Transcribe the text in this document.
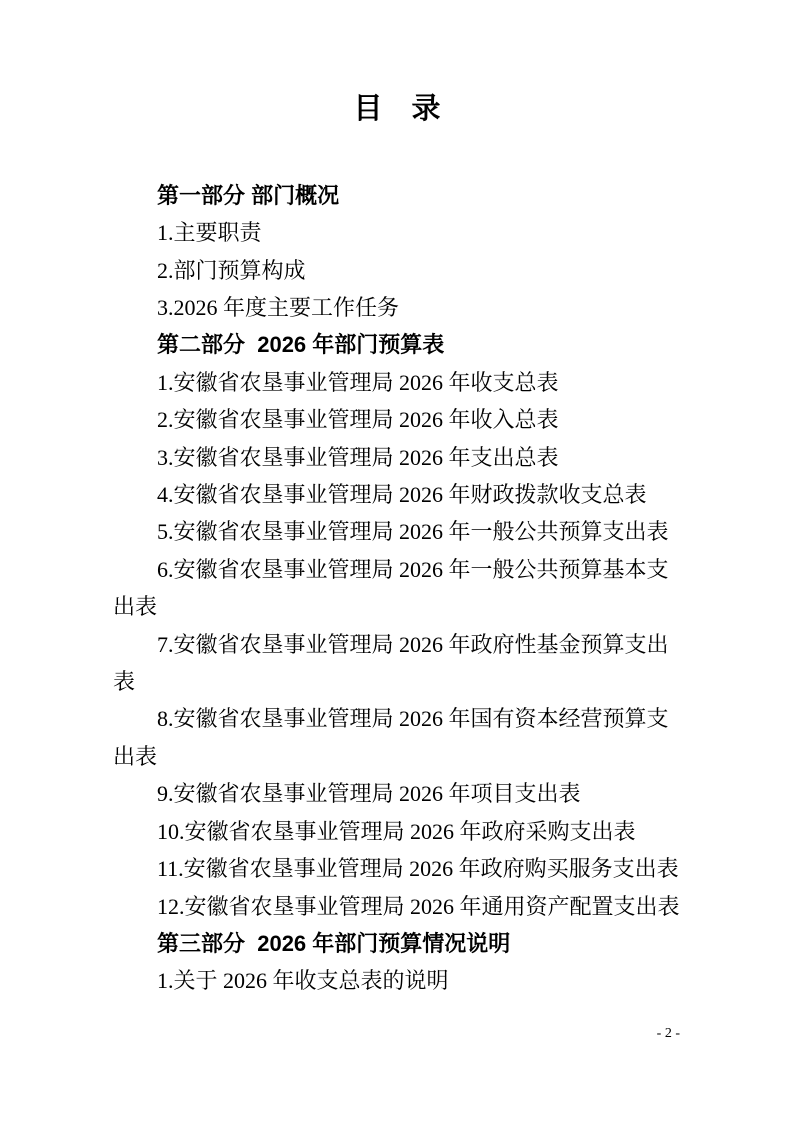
目　录

第一部分 部门概况

1.主要职责

2.部门预算构成

3.2026 年度主要工作任务

第二部分  2026 年部门预算表

1.安徽省农垦事业管理局 2026 年收支总表

2.安徽省农垦事业管理局 2026 年收入总表

3.安徽省农垦事业管理局 2026 年支出总表

4.安徽省农垦事业管理局 2026 年财政拨款收支总表

5.安徽省农垦事业管理局 2026 年一般公共预算支出表

6.安徽省农垦事业管理局 2026 年一般公共预算基本支出表

7.安徽省农垦事业管理局 2026 年政府性基金预算支出表

8.安徽省农垦事业管理局 2026 年国有资本经营预算支出表

9.安徽省农垦事业管理局 2026 年项目支出表

10.安徽省农垦事业管理局 2026 年政府采购支出表

11.安徽省农垦事业管理局 2026 年政府购买服务支出表

12.安徽省农垦事业管理局 2026 年通用资产配置支出表

第三部分  2026 年部门预算情况说明

1.关于 2026 年收支总表的说明

- 2 -
